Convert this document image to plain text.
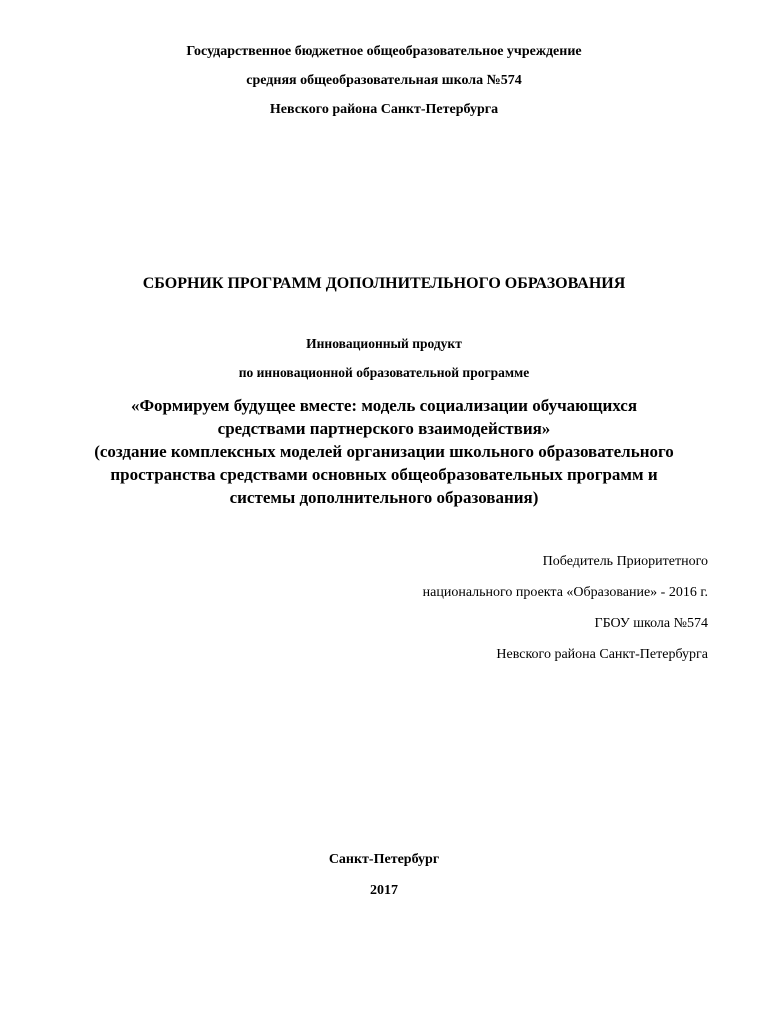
Государственное бюджетное общеобразовательное учреждение
средняя общеобразовательная школа №574
Невского района Санкт-Петербурга
СБОРНИК ПРОГРАММ ДОПОЛНИТЕЛЬНОГО ОБРАЗОВАНИЯ
Инновационный продукт
по инновационной образовательной программе
«Формируем будущее вместе: модель социализации обучающихся
средствами партнерского взаимодействия»
(создание комплексных моделей организации школьного образовательного
пространства средствами основных общеобразовательных программ и
системы дополнительного образования)
Победитель Приоритетного
национального проекта «Образование» - 2016 г.
ГБОУ школа №574
Невского района Санкт-Петербурга
Санкт-Петербург
2017
